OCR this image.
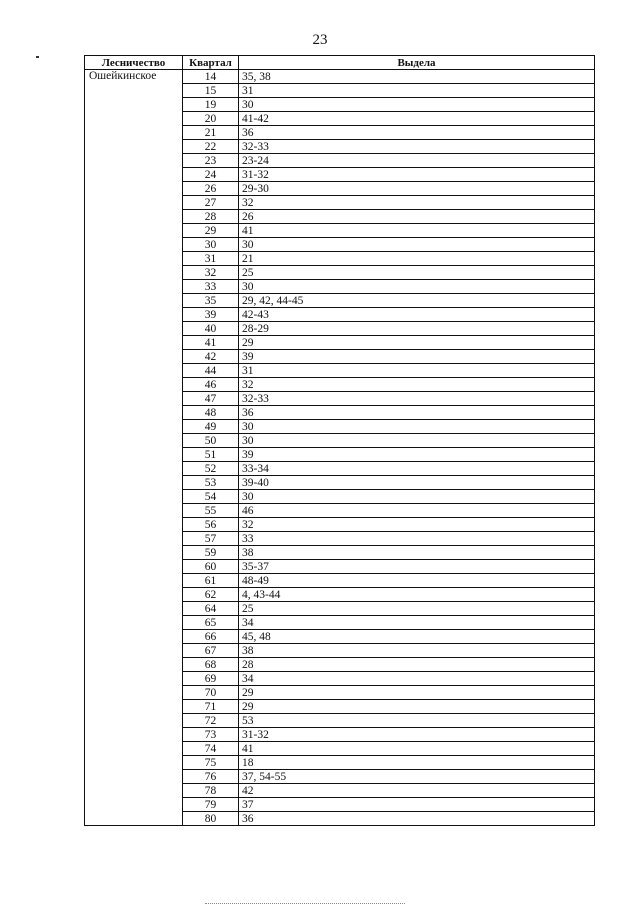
23
Лесничество	Квартал	Выдела
Ошейкинское	14	35, 38
	15	31
	19	30
	20	41-42
	21	36
	22	32-33
	23	23-24
	24	31-32
	26	29-30
	27	32
	28	26
	29	41
	30	30
	31	21
	32	25
	33	30
	35	29, 42, 44-45
	39	42-43
	40	28-29
	41	29
	42	39
	44	31
	46	32
	47	32-33
	48	36
	49	30
	50	30
	51	39
	52	33-34
	53	39-40
	54	30
	55	46
	56	32
	57	33
	59	38
	60	35-37
	61	48-49
	62	4, 43-44
	64	25
	65	34
	66	45, 48
	67	38
	68	28
	69	34
	70	29
	71	29
	72	53
	73	31-32
	74	41
	75	18
	76	37, 54-55
	78	42
	79	37
	80	36
